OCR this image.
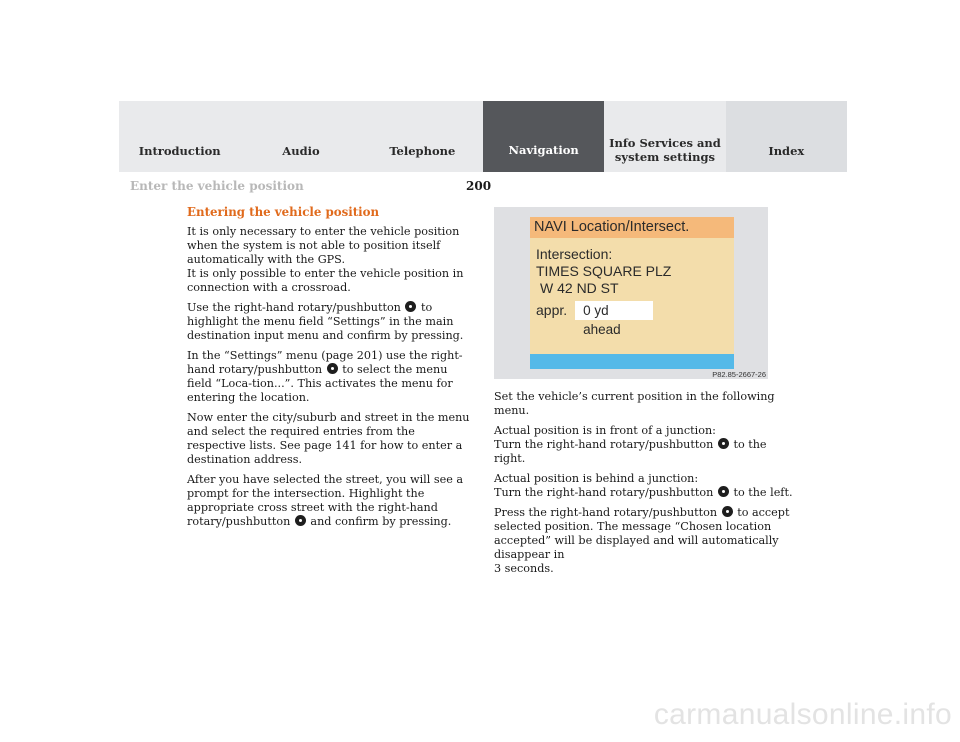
Introduction	Audio	Telephone	Navigation	Info Services and
system settings	Index
Enter the vehicle position	200
Entering the vehicle position

It is only necessary to enter the vehicle position when the system is not able to position itself automatically with the GPS.
It is only possible to enter the vehicle position in connection with a crossroad.

Use the right-hand rotary/pushbutton  to highlight the menu field “Settings” in the main destination input menu and confirm by pressing.

In the “Settings” menu (page 201) use the right-hand rotary/pushbutton  to select the menu field “Loca-tion...”. This activates the menu for entering the location.

Now enter the city/suburb and street in the menu and select the required entries from the respective lists. See page 141 for how to enter a destination address.

After you have selected the street, you will see a prompt for the intersection. Highlight the appropriate cross street with the right-hand rotary/pushbutton  and confirm by pressing.

NAVI Location/Intersect.
Intersection:
TIMES SQUARE PLZ
W 42 ND ST
appr.	0 yd ahead
P82.85-2667-26

Set the vehicle’s current position in the following menu.

Actual position is in front of a junction:
Turn the right-hand rotary/pushbutton  to the right.

Actual position is behind a junction:
Turn the right-hand rotary/pushbutton  to the left.

Press the right-hand rotary/pushbutton  to accept selected position. The message “Chosen location accepted” will be displayed and will automatically disappear in
3 seconds.

carmanualsonline.info
